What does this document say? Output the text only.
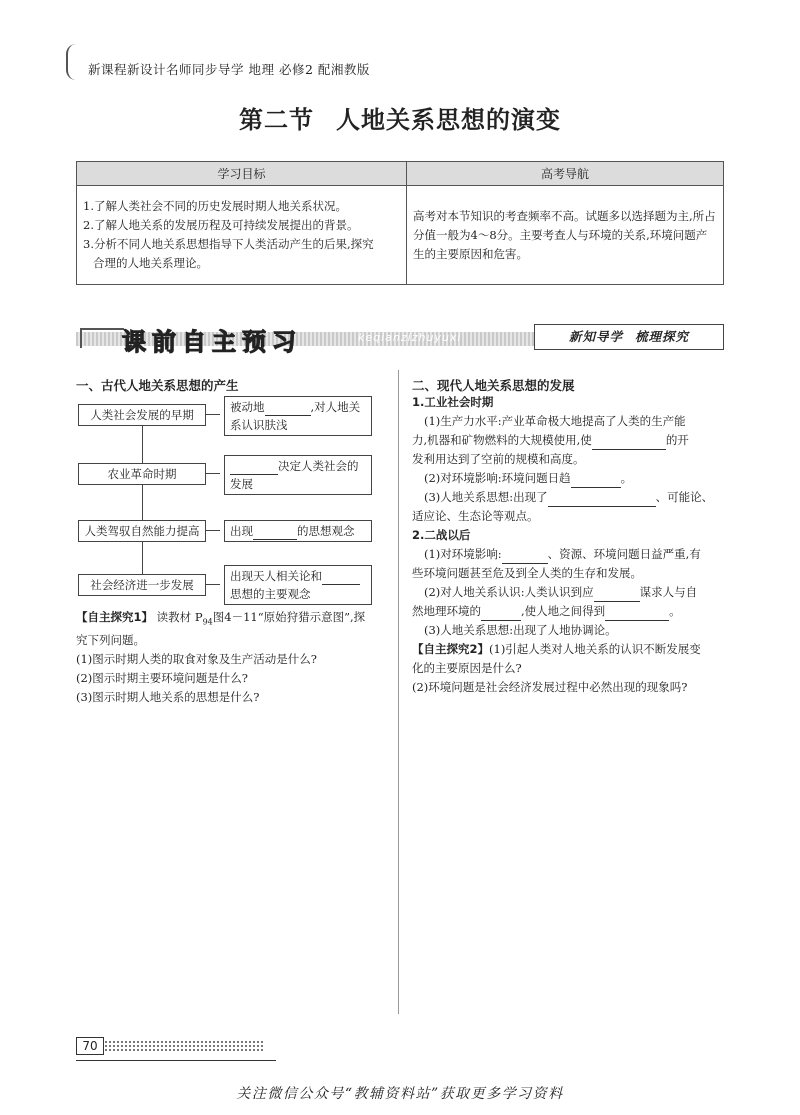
新课程新设计名师同步导学 地理 必修2 配湘教版
第二节 人地关系思想的演变
学习目标	高考导航

1.了解人类社会不同的历史发展时期人地关系状况。
2.了解人地关系的发展历程及可持续发展提出的背景。
3.分析不同人地关系思想指导下人类活动产生的后果,探究
合理的人地关系理论。	高考对本节知识的考查频率不高。试题多以选择题为主,所占分值一般为4～8分。主要考查人与环境的关系,环境问题产生的主要原因和危害。
课前自主预习	keqianzizhuyuxi	新知导学 梳理探究
一、古代人地关系思想的产生
人类社会发展的早期
被动地	,对人地关
系认识肤浅
农业革命时期
决定人类社会的
发展
人类驾驭自然能力提高	出现	的思想观念
社会经济进一步发展
出现天人相关论和
思想的主要观念
【自主探究1】 读教材 $P_{94}$图4－11“原始狩猎示意图”,探
究下列问题。
(1)图示时期人类的取食对象及生产活动是什么?
(2)图示时期主要环境问题是什么?
(3)图示时期人地关系的思想是什么?
二、现代人地关系思想的发展
1.工业社会时期
(1)生产力水平:产业革命极大地提高了人类的生产能
力,机器和矿物燃料的大规模使用,使	的开
发利用达到了空前的规模和高度。
(2)对环境影响:环境问题日趋	。
(3)人地关系思想:出现了	、可能论、
适应论、生态论等观点。
2.二战以后
(1)对环境影响:	、资源、环境问题日益严重,有
些环境问题甚至危及到全人类的生存和发展。
(2)对人地关系认识:人类认识到应	谋求人与自
然地理环境的	,使人地之间得到	。
(3)人地关系思想:出现了人地协调论。
【自主探究2】(1)引起人类对人地关系的认识不断发展变
化的主要原因是什么?
(2)环境问题是社会经济发展过程中必然出现的现象吗?
70
关注微信公众号“教辅资料站”获取更多学习资料
